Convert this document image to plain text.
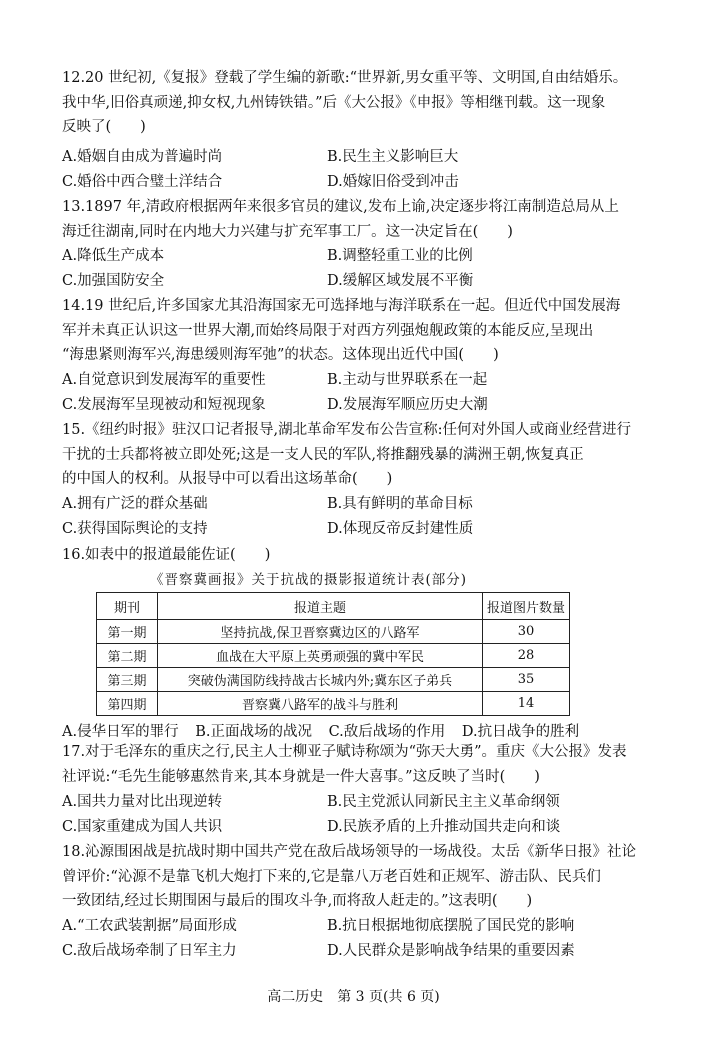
12.20 世纪初,《复报》登载了学生编的新歌:“世界新,男女重平等、文明国,自由结婚乐。
我中华,旧俗真顽递,抑女权,九州铸铁错。”后《大公报》《申报》等相继刊载。这一现象
反映了(　　)
A.婚姻自由成为普遍时尚	B.民生主义影响巨大
C.婚俗中西合璧土洋结合	D.婚嫁旧俗受到冲击
13.1897 年,清政府根据两年来很多官员的建议,发布上谕,决定逐步将江南制造总局从上
海迁往湖南,同时在内地大力兴建与扩充军事工厂。这一决定旨在(　　)
A.降低生产成本	B.调整轻重工业的比例
C.加强国防安全	D.缓解区域发展不平衡
14.19 世纪后,许多国家尤其沿海国家无可选择地与海洋联系在一起。但近代中国发展海
军并未真正认识这一世界大潮,而始终局限于对西方列强炮舰政策的本能反应,呈现出
“海患紧则海军兴,海患缓则海军弛”的状态。这体现出近代中国(　　)
A.自觉意识到发展海军的重要性	B.主动与世界联系在一起
C.发展海军呈现被动和短视现象	D.发展海军顺应历史大潮
15.《纽约时报》驻汉口记者报导,湖北革命军发布公告宣称:任何对外国人或商业经营进行
干扰的士兵都将被立即处死;这是一支人民的军队,将推翻残暴的满洲王朝,恢复真正
的中国人的权利。从报导中可以看出这场革命(　　)
A.拥有广泛的群众基础	B.具有鲜明的革命目标
C.获得国际舆论的支持	D.体现反帝反封建性质
16.如表中的报道最能佐证(　　)
《晋察冀画报》关于抗战的摄影报道统计表(部分)
期刊	报道主题	报道图片数量
第一期	坚持抗战,保卫晋察冀边区的八路军	30
第二期	血战在大平原上英勇顽强的冀中军民	28
第三期	突破伪满国防线持战古长城内外;冀东区子弟兵	35
第四期	晋察冀八路军的战斗与胜利	14
A.侵华日军的罪行 B.正面战场的战况 C.敌后战场的作用 D.抗日战争的胜利
17.对于毛泽东的重庆之行,民主人士柳亚子赋诗称颂为“弥天大勇”。重庆《大公报》发表
社评说:“毛先生能够惠然肯来,其本身就是一件大喜事。”这反映了当时(　　)
A.国共力量对比出现逆转	B.民主党派认同新民主主义革命纲领
C.国家重建成为国人共识	D.民族矛盾的上升推动国共走向和谈
18.沁源围困战是抗战时期中国共产党在敌后战场领导的一场战役。太岳《新华日报》社论
曾评价:“沁源不是靠飞机大炮打下来的,它是靠八万老百姓和正规军、游击队、民兵们
一致团结,经过长期围困与最后的围攻斗争,而将敌人赶走的。”这表明(　　)
A.“工农武装割据”局面形成	B.抗日根据地彻底摆脱了国民党的影响
C.敌后战场牵制了日军主力	D.人民群众是影响战争结果的重要因素
高二历史　第 3 页(共 6 页)
